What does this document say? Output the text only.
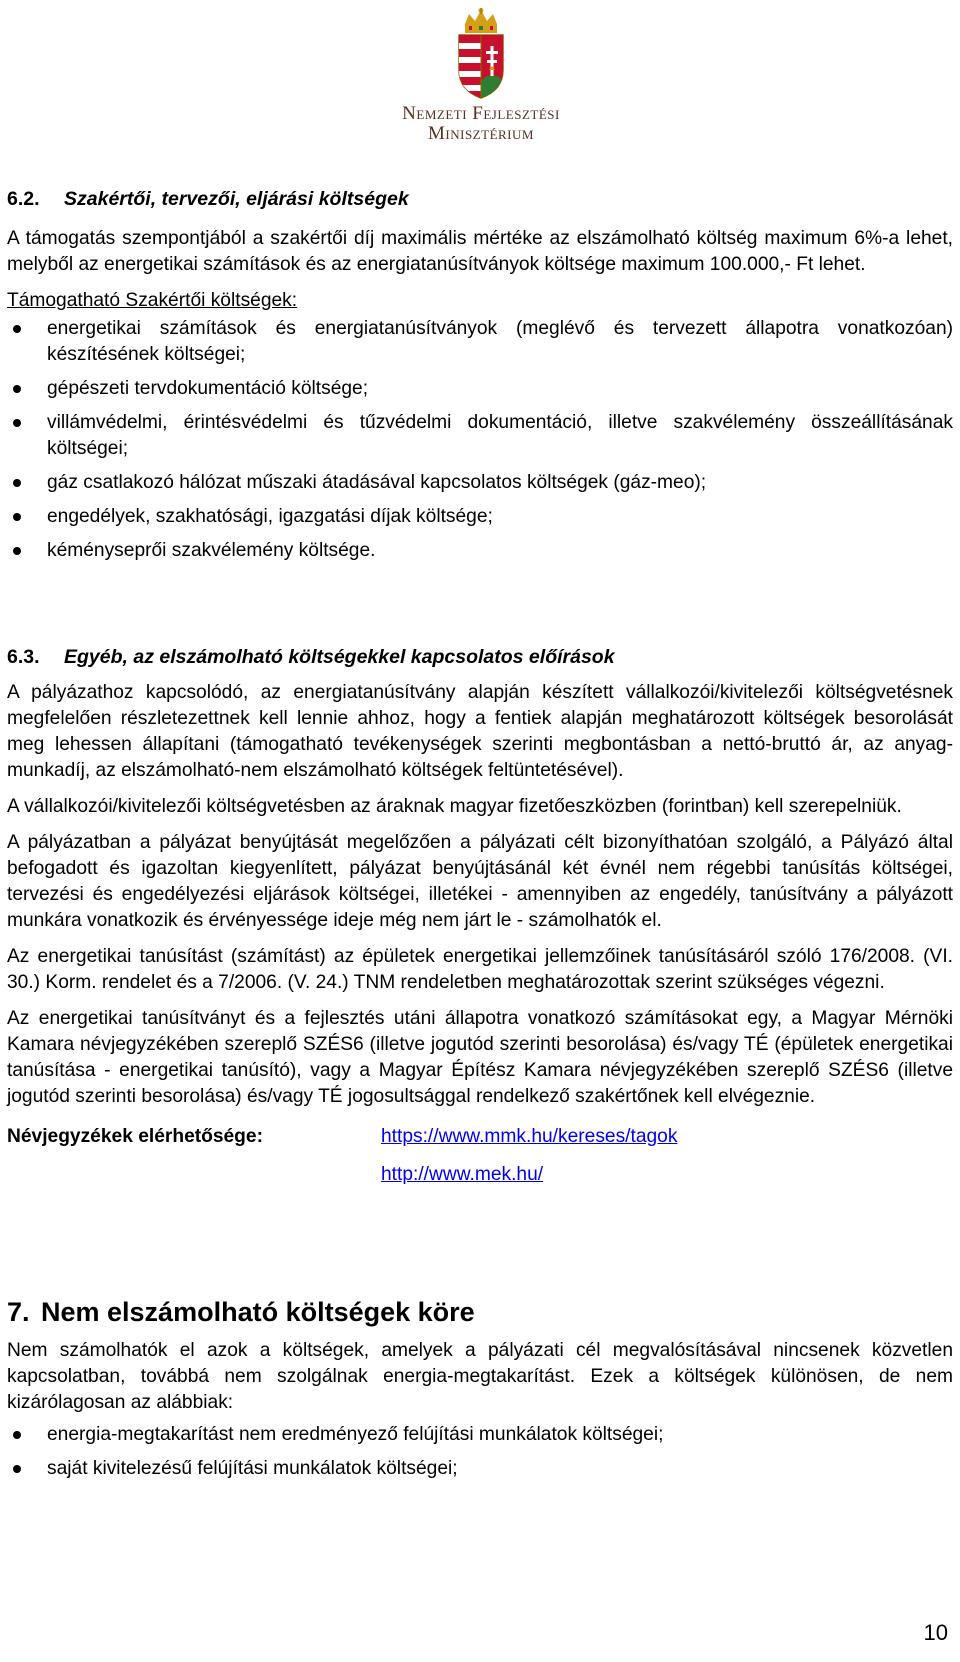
Nemzeti Fejlesztési
Minisztérium
6.2.	Szakértői, tervezői, eljárási költségek

A támogatás szempontjából a szakértői díj maximális mértéke az elszámolható költség maximum 6%-a lehet, melyből az energetikai számítások és az energiatanúsítványok költsége maximum 100.000,- Ft lehet.

Támogatható Szakértői költségek:

energetikai számítások és energiatanúsítványok (meglévő és tervezett állapotra vonatkozóan) készítésének költségei;
gépészeti tervdokumentáció költsége;
villámvédelmi, érintésvédelmi és tűzvédelmi dokumentáció, illetve szakvélemény összeállításának költségei;
gáz csatlakozó hálózat műszaki átadásával kapcsolatos költségek (gáz-meo);
engedélyek, szakhatósági, igazgatási díjak költsége;
kéményseprői szakvélemény költsége.
6.3.	Egyéb, az elszámolható költségekkel kapcsolatos előírások

A pályázathoz kapcsolódó, az energiatanúsítvány alapján készített vállalkozói/kivitelezői költségvetésnek megfelelően részletezettnek kell lennie ahhoz, hogy a fentiek alapján meghatározott költségek besorolását meg lehessen állapítani (támogatható tevékenységek szerinti megbontásban a nettó-bruttó ár, az anyag-munkadíj, az elszámolható-nem elszámolható költségek feltüntetésével).

A vállalkozói/kivitelezői költségvetésben az áraknak magyar fizetőeszközben (forintban) kell szerepelniük.

A pályázatban a pályázat benyújtását megelőzően a pályázati célt bizonyíthatóan szolgáló, a Pályázó által befogadott és igazoltan kiegyenlített, pályázat benyújtásánál két évnél nem régebbi tanúsítás költségei, tervezési és engedélyezési eljárások költségei, illetékei - amennyiben az engedély, tanúsítvány a pályázott munkára vonatkozik és érvényessége ideje még nem járt le - számolhatók el.

Az energetikai tanúsítást (számítást) az épületek energetikai jellemzőinek tanúsításáról szóló 176/2008. (VI. 30.) Korm. rendelet és a 7/2006. (V. 24.) TNM rendeletben meghatározottak szerint szükséges végezni.

Az energetikai tanúsítványt és a fejlesztés utáni állapotra vonatkozó számításokat egy, a Magyar Mérnöki Kamara névjegyzékében szereplő SZÉS6 (illetve jogutód szerinti besorolása) és/vagy TÉ (épületek energetikai tanúsítása - energetikai tanúsító), vagy a Magyar Építész Kamara névjegyzékében szereplő SZÉS6 (illetve jogutód szerinti besorolása) és/vagy TÉ jogosultsággal rendelkező szakértőnek kell elvégeznie.

Névjegyzékek elérhetősége:	https://www.mmk.hu/kereses/tagok
http://www.mek.hu/
7. Nem elszámolható költségek köre

Nem számolhatók el azok a költségek, amelyek a pályázati cél megvalósításával nincsenek közvetlen kapcsolatban, továbbá nem szolgálnak energia-megtakarítást. Ezek a költségek különösen, de nem kizárólagosan az alábbiak:

energia-megtakarítást nem eredményező felújítási munkálatok költségei;
saját kivitelezésű felújítási munkálatok költségei;
10
